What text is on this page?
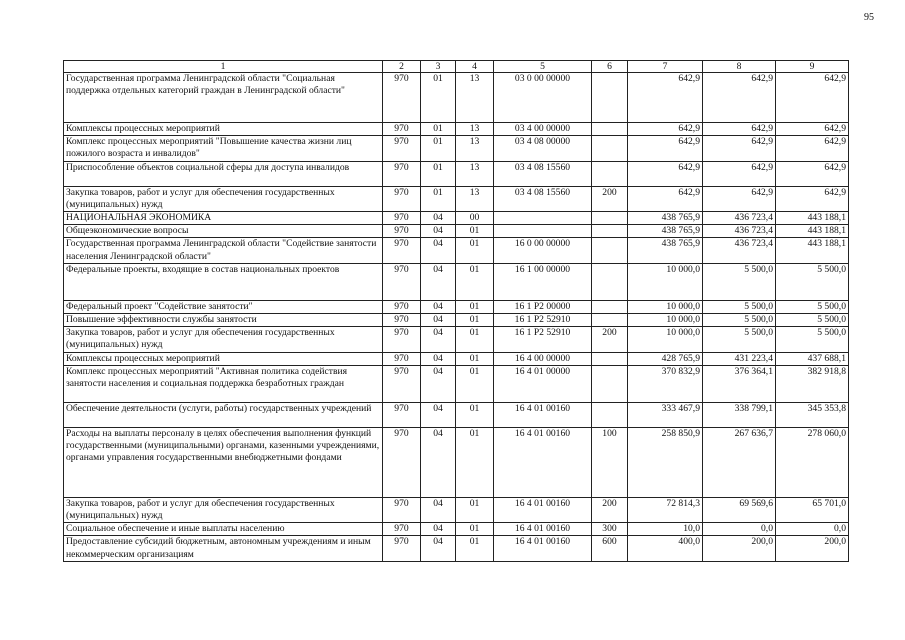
95
1	2	3	4	5	6	7	8	9
Государственная программа Ленинградской области "Социальная поддержка отдельных категорий граждан в Ленинградской области"	970	01	13	03 0 00 00000		642,9	642,9	642,9
Комплексы процессных мероприятий	970	01	13	03 4 00 00000		642,9	642,9	642,9
Комплекс процессных мероприятий "Повышение качества жизни лиц пожилого возраста и инвалидов"	970	01	13	03 4 08 00000		642,9	642,9	642,9
Приспособление объектов социальной сферы для доступа инвалидов	970	01	13	03 4 08 15560		642,9	642,9	642,9
Закупка товаров, работ и услуг для обеспечения государственных (муниципальных) нужд	970	01	13	03 4 08 15560	200	642,9	642,9	642,9
НАЦИОНАЛЬНАЯ ЭКОНОМИКА	970	04	00			438 765,9	436 723,4	443 188,1
Общеэкономические вопросы	970	04	01			438 765,9	436 723,4	443 188,1
Государственная программа Ленинградской области "Содействие занятости населения Ленинградской области"	970	04	01	16 0 00 00000		438 765,9	436 723,4	443 188,1
Федеральные проекты, входящие в состав национальных проектов	970	04	01	16 1 00 00000		10 000,0	5 500,0	5 500,0
Федеральный проект "Содействие занятости"	970	04	01	16 1 P2 00000		10 000,0	5 500,0	5 500,0
Повышение эффективности службы занятости	970	04	01	16 1 P2 52910		10 000,0	5 500,0	5 500,0
Закупка товаров, работ и услуг для обеспечения государственных (муниципальных) нужд	970	04	01	16 1 P2 52910	200	10 000,0	5 500,0	5 500,0
Комплексы процессных мероприятий	970	04	01	16 4 00 00000		428 765,9	431 223,4	437 688,1
Комплекс процессных мероприятий "Активная политика содействия занятости населения и социальная поддержка безработных граждан	970	04	01	16 4 01 00000		370 832,9	376 364,1	382 918,8
Обеспечение деятельности (услуги, работы) государственных учреждений	970	04	01	16 4 01 00160		333 467,9	338 799,1	345 353,8
Расходы на выплаты персоналу в целях обеспечения выполнения функций государственными (муниципальными) органами, казенными учреждениями, органами управления государственными внебюджетными фондами	970	04	01	16 4 01 00160	100	258 850,9	267 636,7	278 060,0
Закупка товаров, работ и услуг для обеспечения государственных (муниципальных) нужд	970	04	01	16 4 01 00160	200	72 814,3	69 569,6	65 701,0
Социальное обеспечение и иные выплаты населению	970	04	01	16 4 01 00160	300	10,0	0,0	0,0
Предоставление субсидий бюджетным, автономным учреждениям и иным некоммерческим организациям	970	04	01	16 4 01 00160	600	400,0	200,0	200,0
